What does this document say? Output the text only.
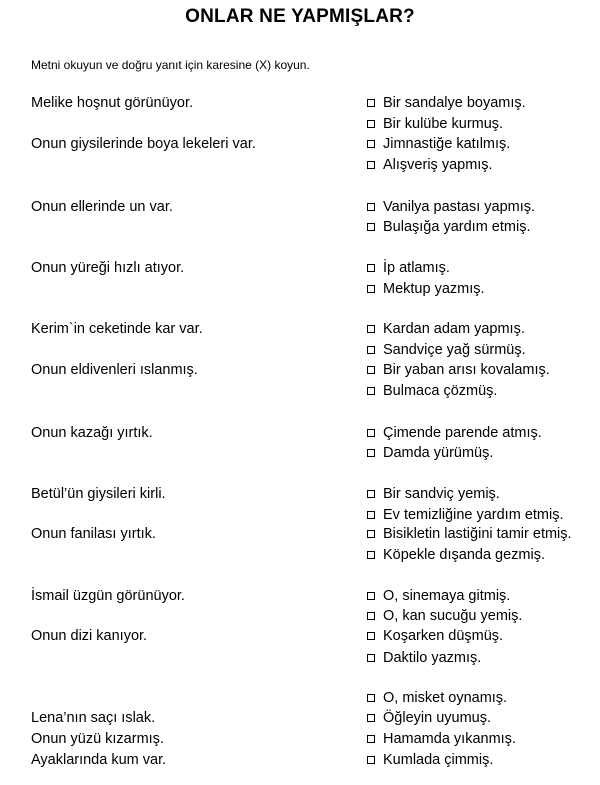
ONLAR NE YAPMIŞLAR?
Metni okuyun ve doğru yanıt için karesine (X) koyun.
Melike hoşnut görünüyor.
Onun giysilerinde boya lekeleri var.
Onun ellerinde un var.
Onun yüreği hızlı atıyor.
Kerim`in ceketinde kar var.
Onun eldivenleri ıslanmış.
Onun kazağı yırtık.
Betül’ün giysileri kirli.
Onun fanilası yırtık.
İsmail üzgün görünüyor.
Onun dizi kanıyor.
Lena’nın saçı ıslak.
Onun yüzü kızarmış.
Ayaklarında kum var.
Bir sandalye boyamış.
Bir kulübe kurmuş.
Jimnastiğe katılmış.
Alışveriş yapmış.
Vanilya pastası yapmış.
Bulaşığa yardım etmiş.
İp atlamış.
Mektup yazmış.
Kardan adam yapmış.
Sandviçe yağ sürmüş.
Bir yaban arısı kovalamış.
Bulmaca çözmüş.
Çimende parende atmış.
Damda yürümüş.
Bir sandviç yemiş.
Ev temizliğine yardım etmiş.
Bisikletin lastiğini tamir etmiş.
Köpekle dışanda gezmiş.
O, sinemaya gitmiş.
O, kan sucuğu yemiş.
Koşarken düşmüş.
Daktilo yazmış.
O, misket oynamış.
Öğleyin uyumuş.
Hamamda yıkanmış.
Kumlada çimmiş.
